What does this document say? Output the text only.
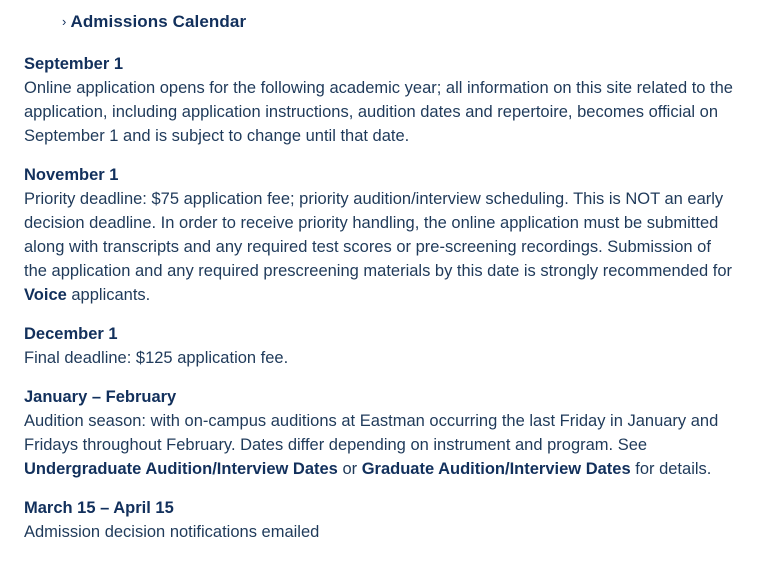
› Admissions Calendar

September 1

Online application opens for the following academic year; all information on this site related to the application, including application instructions, audition dates and repertoire, becomes official on September 1 and is subject to change until that date.

November 1

Priority deadline: $75 application fee; priority audition/interview scheduling. This is NOT an early decision deadline. In order to receive priority handling, the online application must be submitted along with transcripts and any required test scores or pre-screening recordings. Submission of the application and any required prescreening materials by this date is strongly recommended for Voice applicants.

December 1

Final deadline: $125 application fee.

January – February

Audition season: with on-campus auditions at Eastman occurring the last Friday in January and Fridays throughout February. Dates differ depending on instrument and program. See Undergraduate Audition/Interview Dates or Graduate Audition/Interview Dates for details.

March 15 – April 15

Admission decision notifications emailed
